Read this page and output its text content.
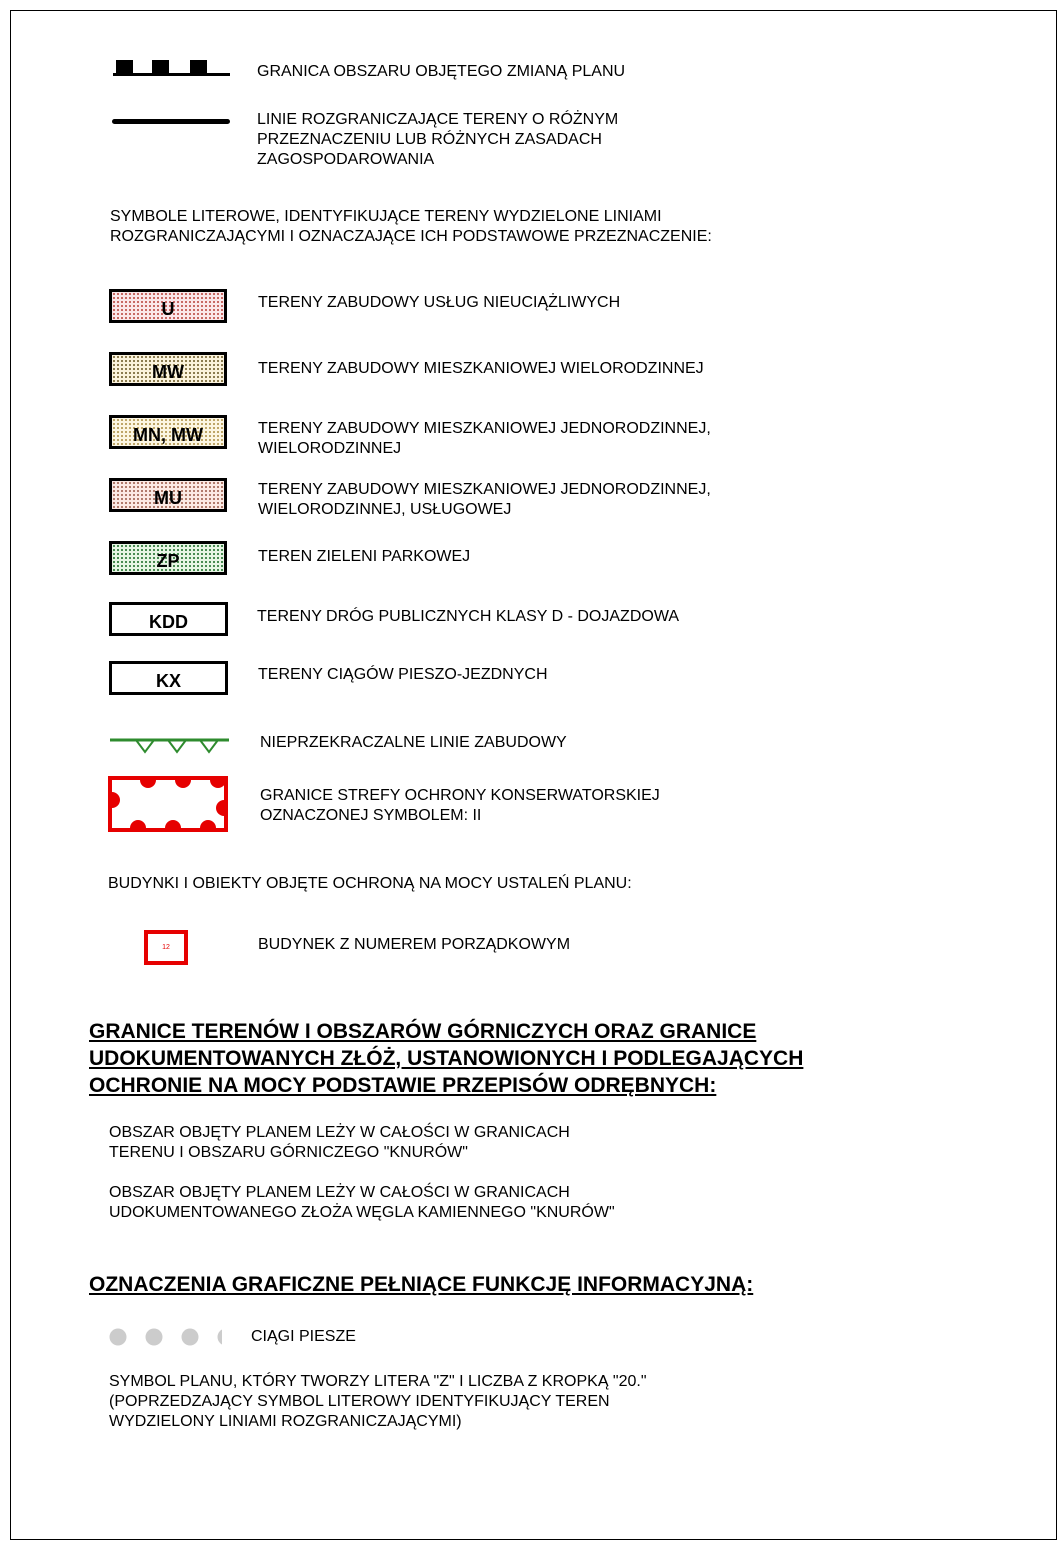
GRANICA OBSZARU OBJĘTEGO ZMIANĄ PLANU
LINIE ROZGRANICZAJĄCE TERENY O RÓŻNYM
PRZEZNACZENIU LUB RÓŻNYCH ZASADACH
ZAGOSPODAROWANIA
SYMBOLE LITEROWE, IDENTYFIKUJĄCE TERENY WYDZIELONE LINIAMI
ROZGRANICZAJĄCYMI I OZNACZAJĄCE ICH PODSTAWOWE PRZEZNACZENIE:
U	TERENY ZABUDOWY USŁUG NIEUCIĄŻLIWYCH
MW	TERENY ZABUDOWY MIESZKANIOWEJ WIELORODZINNEJ
MN, MW	TERENY ZABUDOWY MIESZKANIOWEJ JEDNORODZINNEJ,
WIELORODZINNEJ
MU	TERENY ZABUDOWY MIESZKANIOWEJ JEDNORODZINNEJ,
WIELORODZINNEJ, USŁUGOWEJ
ZP	TEREN ZIELENI PARKOWEJ
KDD	TERENY DRÓG PUBLICZNYCH KLASY D - DOJAZDOWA
KX	TERENY CIĄGÓW PIESZO-JEZDNYCH
NIEPRZEKRACZALNE LINIE ZABUDOWY
GRANICE STREFY OCHRONY KONSERWATORSKIEJ
OZNACZONEJ SYMBOLEM: II
BUDYNKI I OBIEKTY OBJĘTE OCHRONĄ NA MOCY USTALEŃ PLANU:
12	BUDYNEK Z NUMEREM PORZĄDKOWYM
GRANICE TERENÓW I OBSZARÓW GÓRNICZYCH ORAZ GRANICE
UDOKUMENTOWANYCH ZŁÓŻ, USTANOWIONYCH I PODLEGAJĄCYCH
OCHRONIE NA MOCY PODSTAWIE PRZEPISÓW ODRĘBNYCH:
OBSZAR OBJĘTY PLANEM LEŻY W CAŁOŚCI W GRANICACH
TERENU I OBSZARU GÓRNICZEGO "KNURÓW"
OBSZAR OBJĘTY PLANEM LEŻY W CAŁOŚCI W GRANICACH
UDOKUMENTOWANEGO ZŁOŻA WĘGLA KAMIENNEGO "KNURÓW"
OZNACZENIA GRAFICZNE PEŁNIĄCE FUNKCJĘ INFORMACYJNĄ:
CIĄGI PIESZE
SYMBOL PLANU, KTÓRY TWORZY LITERA "Z" I LICZBA Z KROPKĄ "20."
(POPRZEDZAJĄCY SYMBOL LITEROWY IDENTYFIKUJĄCY TEREN
WYDZIELONY LINIAMI ROZGRANICZAJĄCYMI)
